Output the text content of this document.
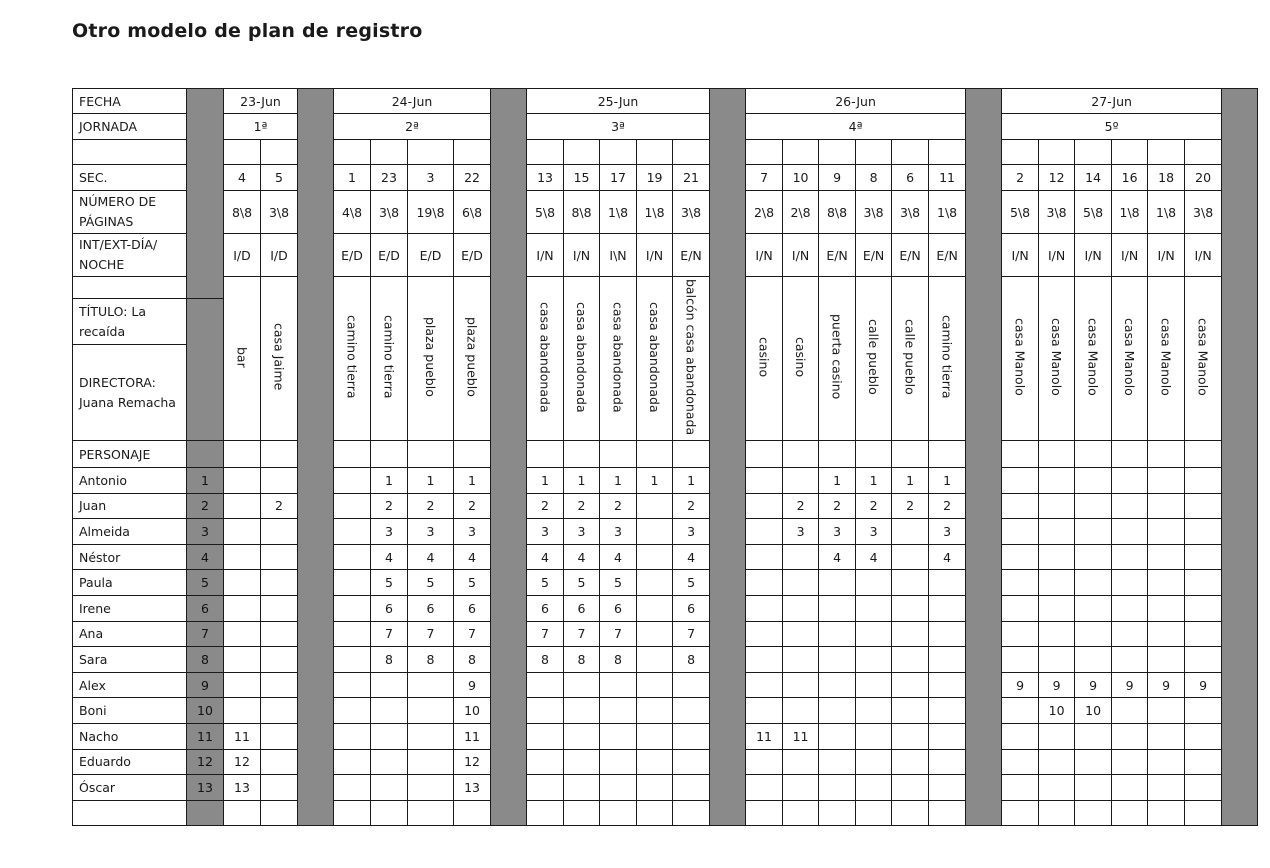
Otro modelo de plan de registro
FECHA		23-Jun			24-Jun					25-Jun						26-Jun							27-Jun						
JORNADA		1ª			2ª					3ª						4ª							5º						

SEC.		4	5		1	23	3	22		13	15	17	19	21		7	10	9	8	6	11		2	12	14	16	18	20	
NÚMERO DE PÁGINAS		8\8	3\8		4\8	3\8	19\8	6\8		5\8	8\8	1\8	1\8	3\8		2\8	2\8	8\8	3\8	3\8	1\8		5\8	3\8	5\8	1\8	1\8	3\8	
INT/EXT-DÍA/ NOCHE		I/D	I/D		E/D	E/D	E/D	E/D		I/N	I/N	I\N	I/N	E/N		I/N	I/N	E/N	E/N	E/N	E/N		I/N	I/N	I/N	I/N	I/N	I/N	
		bar	casa Jaime		camino tierra	camino tierra	plaza pueblo	plaza pueblo		casa abandonada	casa abandonada	casa abandonada	casa abandonada	balcón casa abandonada		casino	casino	puerta casino	calle pueblo	calle pueblo	camino tierra		casa Manolo	casa Manolo	casa Manolo	casa Manolo	casa Manolo	casa Manolo	
TÍTULO: La recaída																													
DIRECTORA: Juana Remacha																													
PERSONAJE																													
Antonio	1					1	1	1		1	1	1	1	1				1	1	1	1								
Juan	2		2			2	2	2		2	2	2		2			2	2	2	2	2								
Almeida	3					3	3	3		3	3	3		3			3	3	3		3								
Néstor	4					4	4	4		4	4	4		4				4	4		4								
Paula	5					5	5	5		5	5	5		5															
Irene	6					6	6	6		6	6	6		6															
Ana	7					7	7	7		7	7	7		7															
Sara	8					8	8	8		8	8	8		8															
Alex	9							9															9	9	9	9	9	9	
Boni	10							10																10	10				
Nacho	11	11						11								11	11												
Eduardo	12	12						12																					
Óscar	13	13						13																					
